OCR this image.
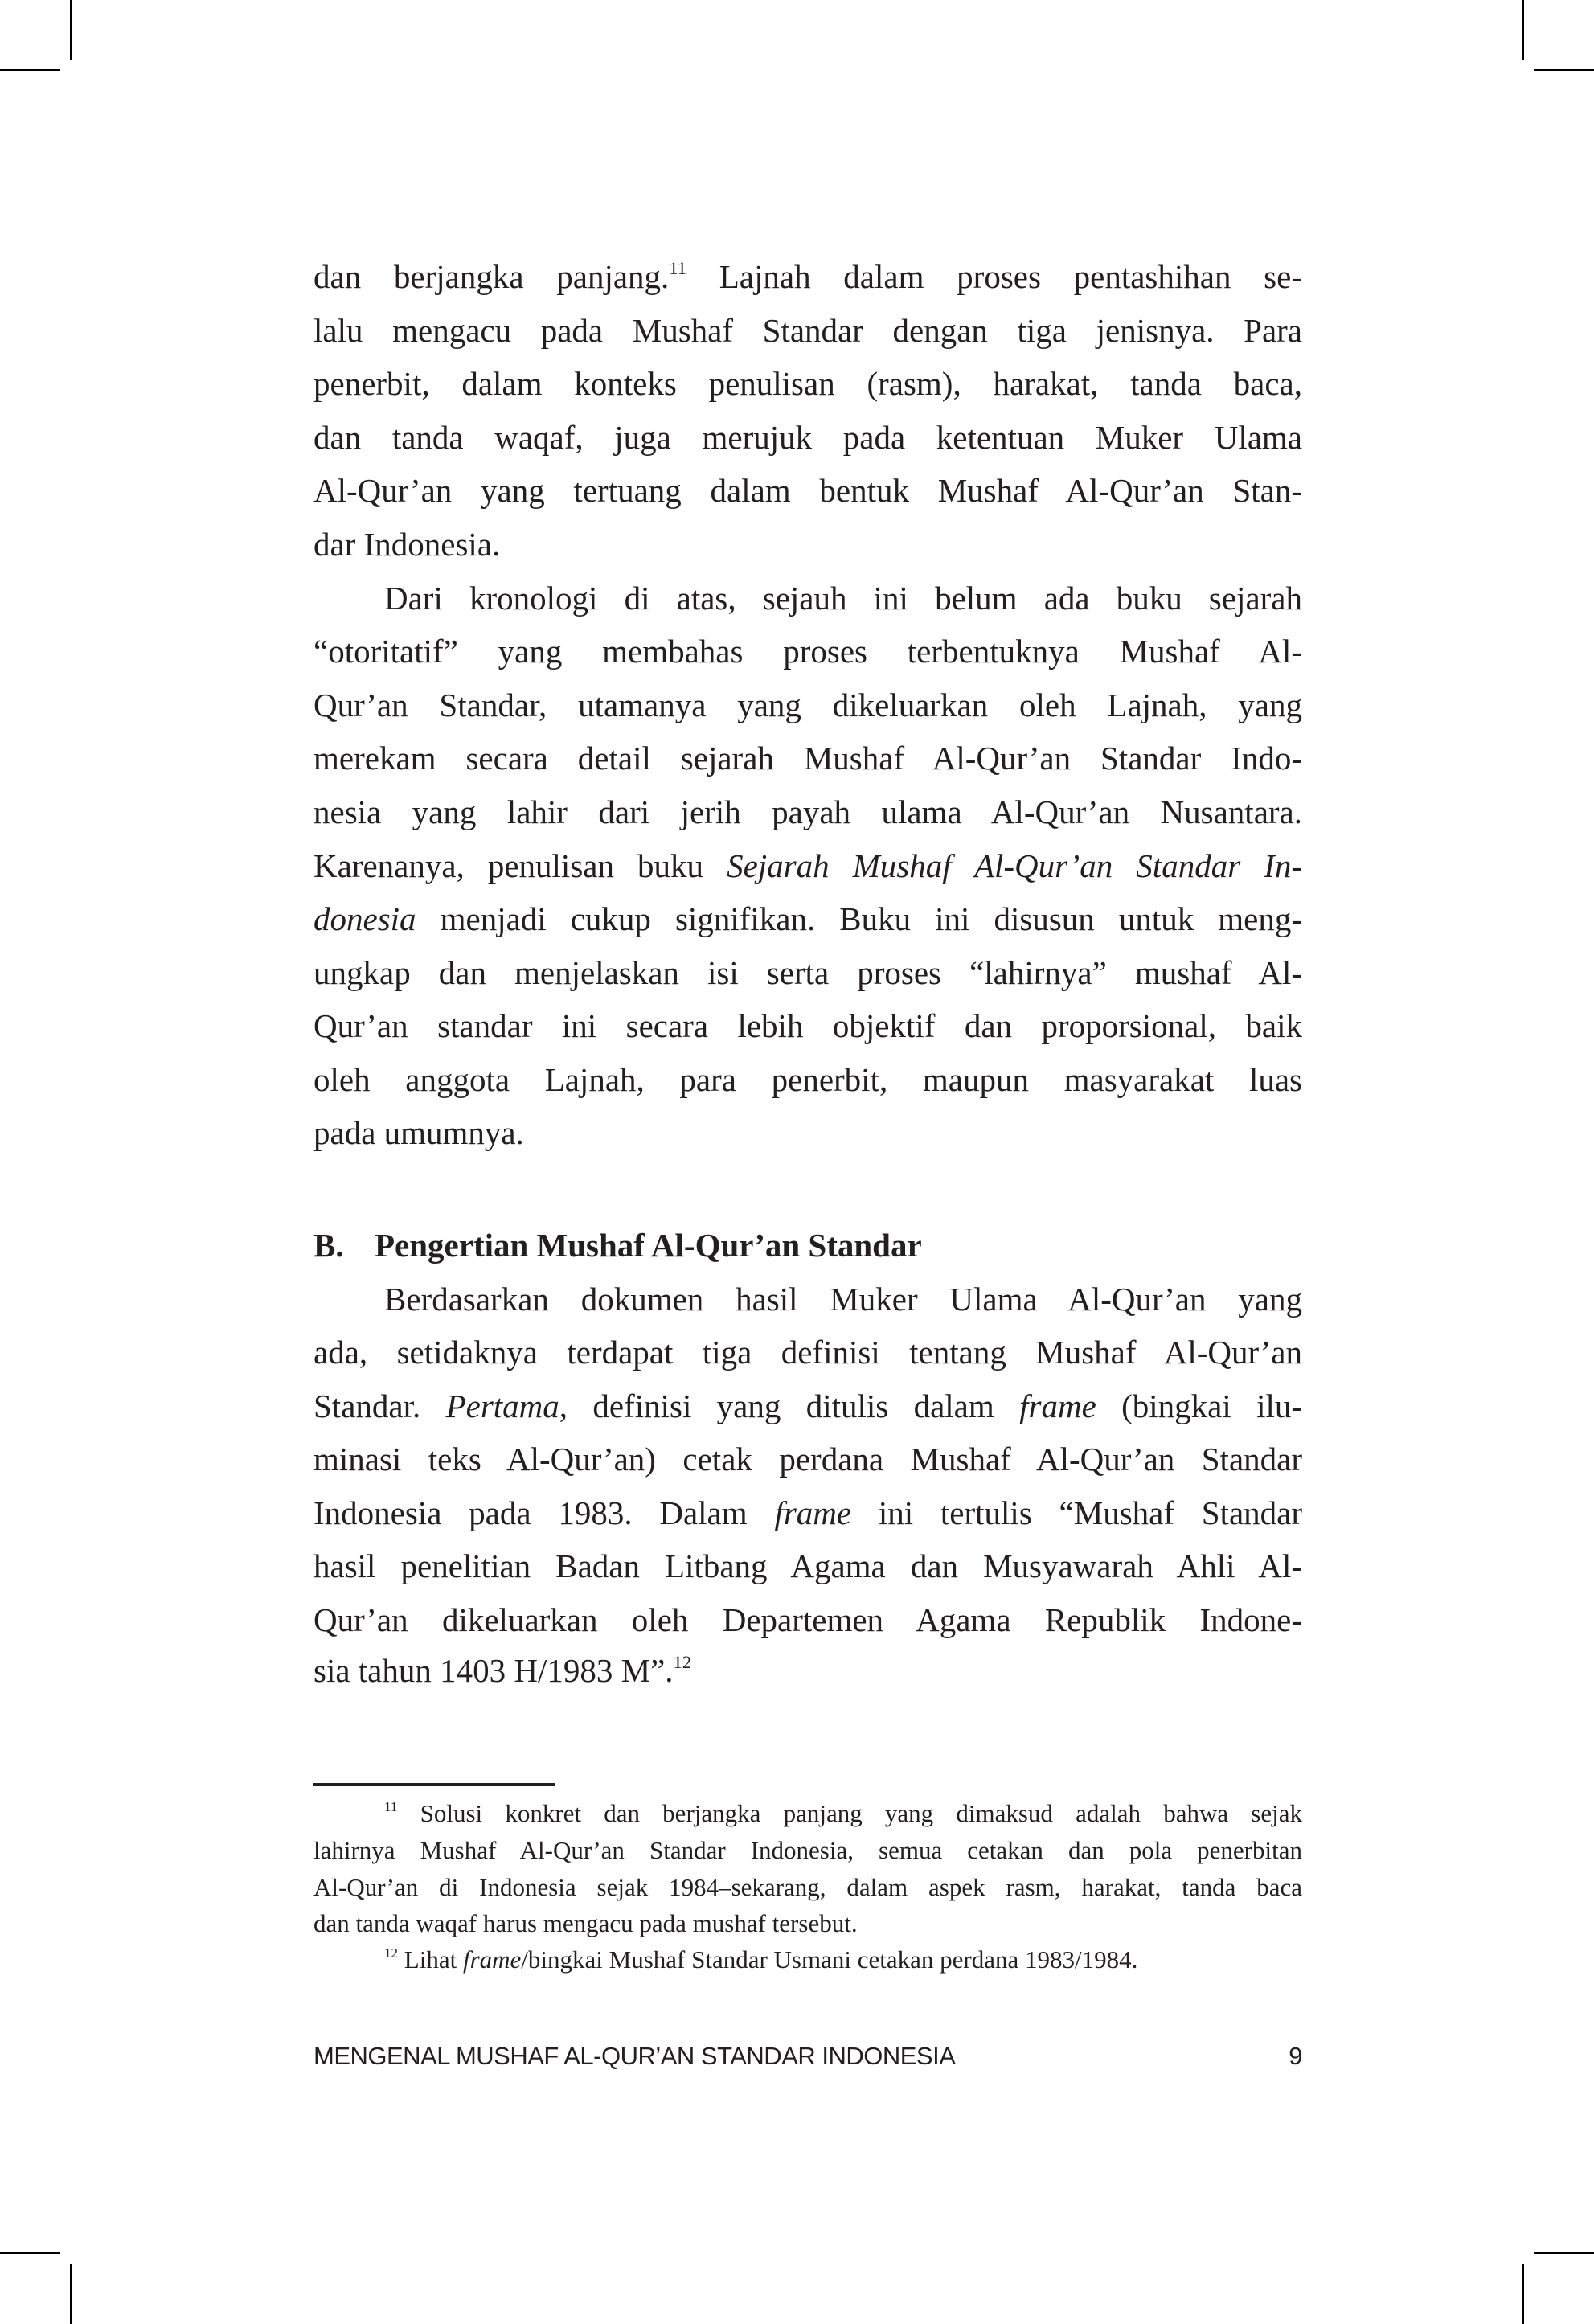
dan berjangka panjang.$^{11}$ Lajnah dalam proses pentashihan se-
lalu mengacu pada Mushaf Standar dengan tiga jenisnya. Para
penerbit, dalam konteks penulisan (rasm), harakat, tanda baca,
dan tanda waqaf, juga merujuk pada ketentuan Muker Ulama
Al-Qur’an yang tertuang dalam bentuk Mushaf Al-Qur’an Stan-
dar Indonesia.
Dari kronologi di atas, sejauh ini belum ada buku sejarah
“otoritatif” yang membahas proses terbentuknya Mushaf Al-
Qur’an Standar, utamanya yang dikeluarkan oleh Lajnah, yang
merekam secara detail sejarah Mushaf Al-Qur’an Standar Indo-
nesia yang lahir dari jerih payah ulama Al-Qur’an Nusantara.
Karenanya, penulisan buku Sejarah Mushaf Al-Qur’an Standar In-
donesia menjadi cukup signifikan. Buku ini disusun untuk meng-
ungkap dan menjelaskan isi serta proses “lahirnya” mushaf Al-
Qur’an standar ini secara lebih objektif dan proporsional, baik
oleh anggota Lajnah, para penerbit, maupun masyarakat luas
pada umumnya.
B. Pengertian Mushaf Al-Qur’an Standar
Berdasarkan dokumen hasil Muker Ulama Al-Qur’an yang
ada, setidaknya terdapat tiga definisi tentang Mushaf Al-Qur’an
Standar. Pertama, definisi yang ditulis dalam frame (bingkai ilu-
minasi teks Al-Qur’an) cetak perdana Mushaf Al-Qur’an Standar
Indonesia pada 1983. Dalam frame ini tertulis “Mushaf Standar
hasil penelitian Badan Litbang Agama dan Musyawarah Ahli Al-
Qur’an dikeluarkan oleh Departemen Agama Republik Indone-
sia tahun 1403 H/1983 M”.$^{12}$
$^{11}$ Solusi konkret dan berjangka panjang yang dimaksud adalah bahwa sejak
lahirnya Mushaf Al-Qur’an Standar Indonesia, semua cetakan dan pola penerbitan
Al-Qur’an di Indonesia sejak 1984–sekarang, dalam aspek rasm, harakat, tanda baca
dan tanda waqaf harus mengacu pada mushaf tersebut.
$^{12}$ Lihat frame/bingkai Mushaf Standar Usmani cetakan perdana 1983/1984.
MENGENAL MUSHAF AL-QUR’AN STANDAR INDONESIA	9
